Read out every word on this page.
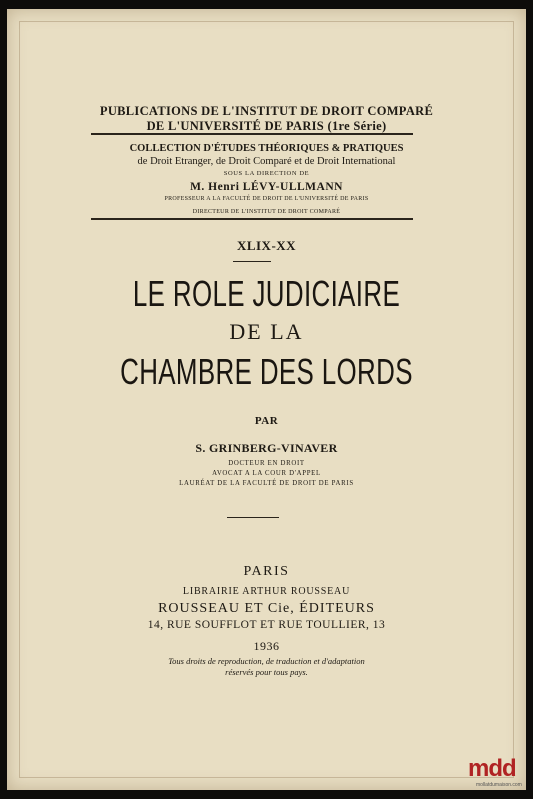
PUBLICATIONS DE L'INSTITUT DE DROIT COMPARÉ
DE L'UNIVERSITÉ DE PARIS (1re Série)
COLLECTION D'ÉTUDES THÉORIQUES & PRATIQUES
de Droit Etranger, de Droit Comparé et de Droit International
SOUS LA DIRECTION DE
M. Henri LÉVY-ULLMANN
PROFESSEUR A LA FACULTÉ DE DROIT DE L'UNIVERSITÉ DE PARIS
DIRECTEUR DE L'INSTITUT DE DROIT COMPARÉ
XLIX-XX
LE ROLE JUDICIAIRE
DE LA
CHAMBRE DES LORDS
PAR
S. GRINBERG-VINAVER
DOCTEUR EN DROIT
AVOCAT A LA COUR D'APPEL
LAURÉAT DE LA FACULTÉ DE DROIT DE PARIS
PARIS
LIBRAIRIE ARTHUR ROUSSEAU
ROUSSEAU ET Cie, ÉDITEURS
14, RUE SOUFFLOT ET RUE TOULLIER, 13
1936
Tous droits de reproduction, de traduction et d'adaptation
réservés pour tous pays.
mdd
mollatdumaison.com
